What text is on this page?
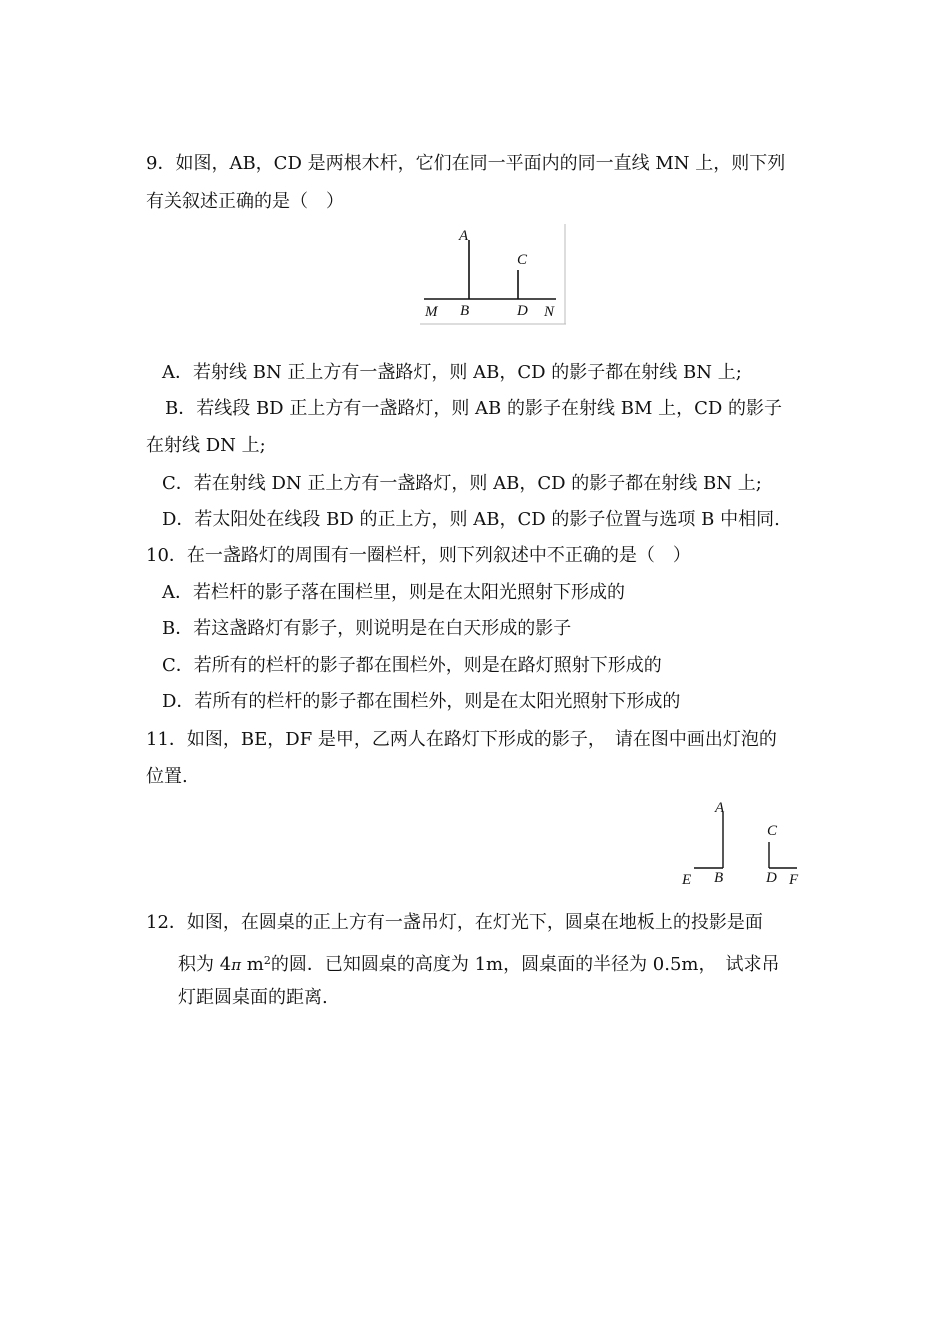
9．如图，AB，CD 是两根木杆，它们在同一平面内的同一直线 MN 上，则下列
有关叙述正确的是（　）
A
C
M B	D N
A．若射线 BN 正上方有一盏路灯，则 AB，CD 的影子都在射线 BN 上;
B．若线段 BD 正上方有一盏路灯，则 AB 的影子在射线 BM 上，CD 的影子
在射线 DN 上;
C．若在射线 DN 正上方有一盏路灯，则 AB，CD 的影子都在射线 BN 上;
D．若太阳处在线段 BD 的正上方，则 AB，CD 的影子位置与选项 B 中相同.
10．在一盏路灯的周围有一圈栏杆，则下列叙述中不正确的是（　）
A．若栏杆的影子落在围栏里，则是在太阳光照射下形成的
B．若这盏路灯有影子，则说明是在白天形成的影子
C．若所有的栏杆的影子都在围栏外，则是在路灯照射下形成的
D．若所有的栏杆的影子都在围栏外，则是在太阳光照射下形成的
11．如图，BE，DF 是甲，乙两人在路灯下形成的影子，　请在图中画出灯泡的
位置.
A
C
E B	D F
12．如图，在圆桌的正上方有一盏吊灯，在灯光下，圆桌在地板上的投影是面
积为 4π $m^2$的圆．已知圆桌的高度为 1m，圆桌面的半径为 0.5m，　试求吊
灯距圆桌面的距离.
